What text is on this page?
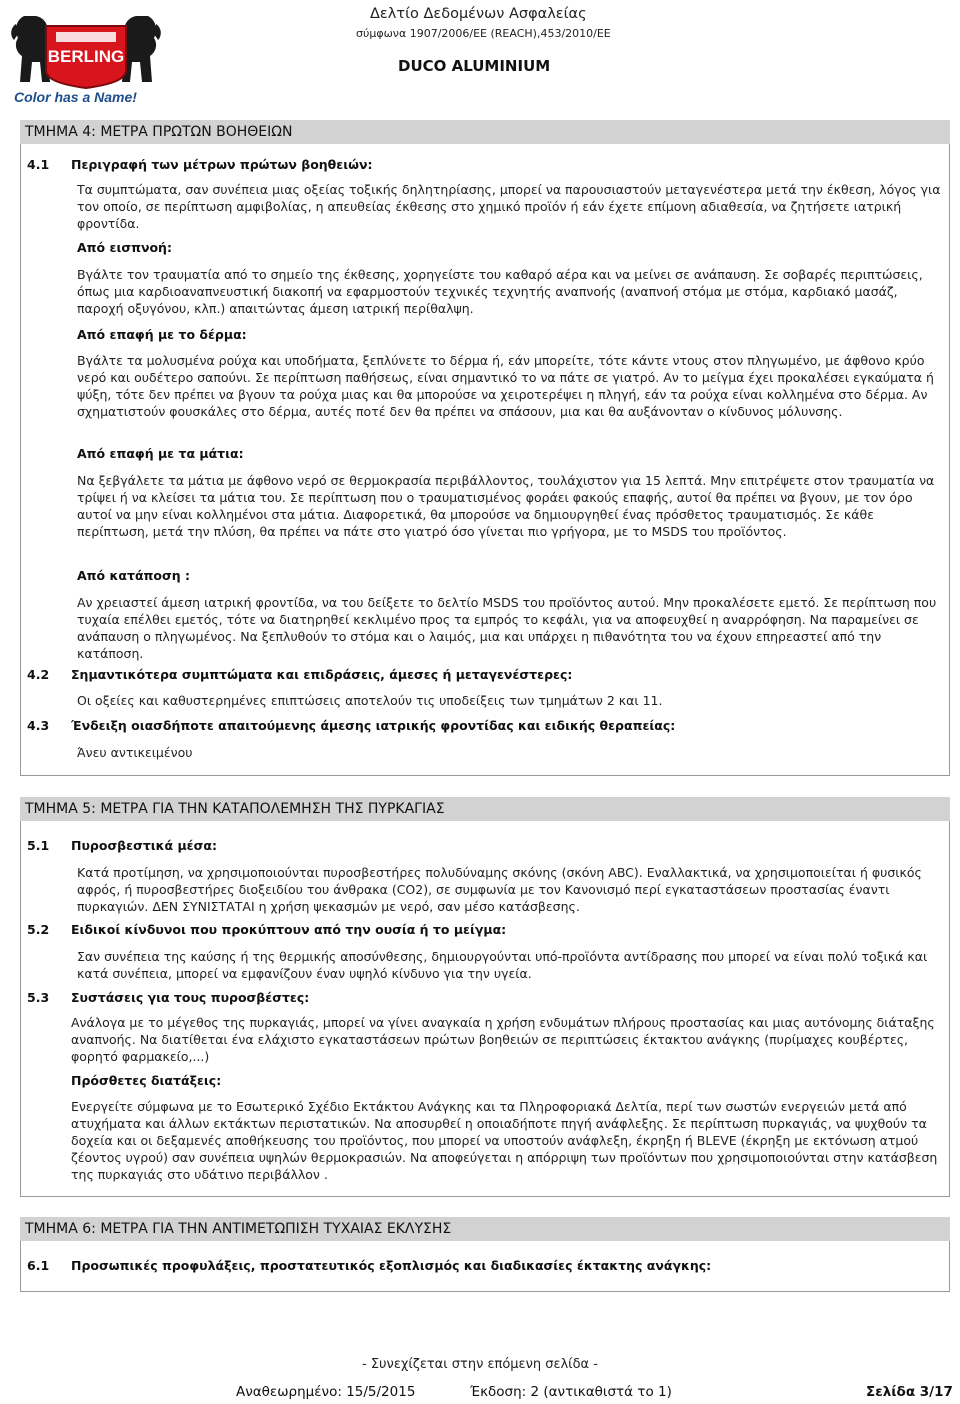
BERLING
Color has a Name!
Δελτίο Δεδομένων Ασφαλείας
σύμφωνα 1907/2006/ΕΕ (REACH),453/2010/ΕΕ
DUCO ALUMINIUM
ΤΜΗΜΑ 4: ΜΕΤΡΑ ΠΡΩΤΩΝ ΒΟΗΘΕΙΩΝ
4.1 Περιγραφή των μέτρων πρώτων βοηθειών:
Τα συμπτώματα, σαν συνέπεια μιας οξείας τοξικής δηλητηρίασης, μπορεί να παρουσιαστούν μεταγενέστερα μετά την έκθεση, λόγος για τον οποίο, σε περίπτωση αμφιβολίας, η απευθείας έκθεσης στο χημικό προϊόν ή εάν έχετε επίμονη αδιαθεσία, να ζητήσετε ιατρική φροντίδα.
Από εισπνοή:
Βγάλτε τον τραυματία από το σημείο της έκθεσης, χορηγείστε του καθαρό αέρα και να μείνει σε ανάπαυση. Σε σοβαρές περιπτώσεις, όπως μια καρδιοαναπνευστική διακοπή να εφαρμοστούν τεχνικές τεχνητής αναπνοής (αναπνοή στόμα με στόμα, καρδιακό μασάζ, παροχή οξυγόνου, κλπ.) απαιτώντας άμεση ιατρική περίθαλψη.
Από επαφή με το δέρμα:
Βγάλτε τα μολυσμένα ρούχα και υποδήματα, ξεπλύνετε το δέρμα ή, εάν μπορείτε, τότε κάντε ντους στον πληγωμένο, με άφθονο κρύο νερό και ουδέτερο σαπούνι. Σε περίπτωση παθήσεως, είναι σημαντικό το να πάτε σε γιατρό. Αν το μείγμα έχει προκαλέσει εγκαύματα ή ψύξη, τότε δεν πρέπει να βγουν τα ρούχα μιας και θα μπορούσε να χειροτερέψει η πληγή, εάν τα ρούχα είναι κολλημένα στο δέρμα. Αν σχηματιστούν φουσκάλες στο δέρμα, αυτές ποτέ δεν θα πρέπει να σπάσουν, μια και θα αυξάνονταν ο κίνδυνος μόλυνσης.
Από επαφή με τα μάτια:
Να ξεβγάλετε τα μάτια με άφθονο νερό σε θερμοκρασία περιβάλλοντος, τουλάχιστον για 15 λεπτά. Μην επιτρέψετε στον τραυματία να τρίψει ή να κλείσει τα μάτια του. Σε περίπτωση που ο τραυματισμένος φοράει φακούς επαφής, αυτοί θα πρέπει να βγουν, με τον όρο αυτοί να μην είναι κολλημένοι στα μάτια. Διαφορετικά, θα μπορούσε να δημιουργηθεί ένας πρόσθετος τραυματισμός. Σε κάθε περίπτωση, μετά την πλύση, θα πρέπει να πάτε στο γιατρό όσο γίνεται πιο γρήγορα, με το MSDS του προϊόντος.
Από κατάποση :
Αν χρειαστεί άμεση ιατρική φροντίδα, να του δείξετε το δελτίο MSDS του προϊόντος αυτού. Μην προκαλέσετε εμετό. Σε περίπτωση που τυχαία επέλθει εμετός, τότε να διατηρηθεί κεκλιμένο προς τα εμπρός το κεφάλι, για να αποφευχθεί η αναρρόφηση. Να παραμείνει σε ανάπαυση ο πληγωμένος. Να ξεπλυθούν το στόμα και ο λαιμός, μια και υπάρχει η πιθανότητα του να έχουν επηρεαστεί από την κατάποση.
4.2 Σημαντικότερα συμπτώματα και επιδράσεις, άμεσες ή μεταγενέστερες:
Οι οξείες και καθυστερημένες επιπτώσεις αποτελούν τις υποδείξεις των τμημάτων 2 και 11.
4.3 Ένδειξη οιασδήποτε απαιτούμενης άμεσης ιατρικής φροντίδας και ειδικής θεραπείας:
Άνευ αντικειμένου
ΤΜΗΜΑ 5: ΜΕΤΡΑ ΓΙΑ ΤΗΝ ΚΑΤΑΠΟΛΕΜΗΣΗ ΤΗΣ ΠΥΡΚΑΓΙΑΣ
5.1 Πυροσβεστικά μέσα:
Κατά προτίμηση, να χρησιμοποιούνται πυροσβεστήρες πολυδύναμης σκόνης (σκόνη ABC). Εναλλακτικά, να χρησιμοποιείται ή φυσικός αφρός, ή πυροσβεστήρες διοξειδίου του άνθρακα (CO2), σε συμφωνία με τον Κανονισμό περί εγκαταστάσεων προστασίας έναντι πυρκαγιών. ΔΕΝ ΣΥΝΙΣΤΑΤΑΙ η χρήση ψεκασμών με νερό, σαν μέσο κατάσβεσης.
5.2 Ειδικοί κίνδυνοι που προκύπτουν από την ουσία ή το μείγμα:
Σαν συνέπεια της καύσης ή της θερμικής αποσύνθεσης, δημιουργούνται υπό-προϊόντα αντίδρασης που μπορεί να είναι πολύ τοξικά και κατά συνέπεια, μπορεί να εμφανίζουν έναν υψηλό κίνδυνο για την υγεία.
5.3 Συστάσεις για τους πυροσβέστες:
Ανάλογα με το μέγεθος της πυρκαγιάς, μπορεί να γίνει αναγκαία η χρήση ενδυμάτων πλήρους προστασίας και μιας αυτόνομης διάταξης αναπνοής. Να διατίθεται ένα ελάχιστο εγκαταστάσεων πρώτων βοηθειών σε περιπτώσεις έκτακτου ανάγκης (πυρίμαχες κουβέρτες, φορητό φαρμακείο,...)
Πρόσθετες διατάξεις:
Ενεργείτε σύμφωνα με το Εσωτερικό Σχέδιο Εκτάκτου Ανάγκης και τα Πληροφοριακά Δελτία, περί των σωστών ενεργειών μετά από ατυχήματα και άλλων εκτάκτων περιστατικών. Να αποσυρθεί η οποιαδήποτε πηγή ανάφλεξης. Σε περίπτωση πυρκαγιάς, να ψυχθούν τα δοχεία και οι δεξαμενές αποθήκευσης του προϊόντος, που μπορεί να υποστούν ανάφλεξη, έκρηξη ή BLEVE (έκρηξη με εκτόνωση ατμού ζέοντος υγρού) σαν συνέπεια υψηλών θερμοκρασιών. Να αποφεύγεται η απόρριψη των προϊόντων που χρησιμοποιούνται στην κατάσβεση της πυρκαγιάς στο υδάτινο περιβάλλον .
ΤΜΗΜΑ 6: ΜΕΤΡΑ ΓΙΑ ΤΗΝ ΑΝΤΙΜΕΤΩΠΙΣΗ ΤΥΧΑΙΑΣ ΕΚΛΥΣΗΣ
6.1 Προσωπικές προφυλάξεις, προστατευτικός εξοπλισμός και διαδικασίες έκτακτης ανάγκης:
- Συνεχίζεται στην επόμενη σελίδα -
Αναθεωρημένο: 15/5/2015	Έκδοση: 2 (αντικαθιστά το 1)	Σελίδα 3/17
